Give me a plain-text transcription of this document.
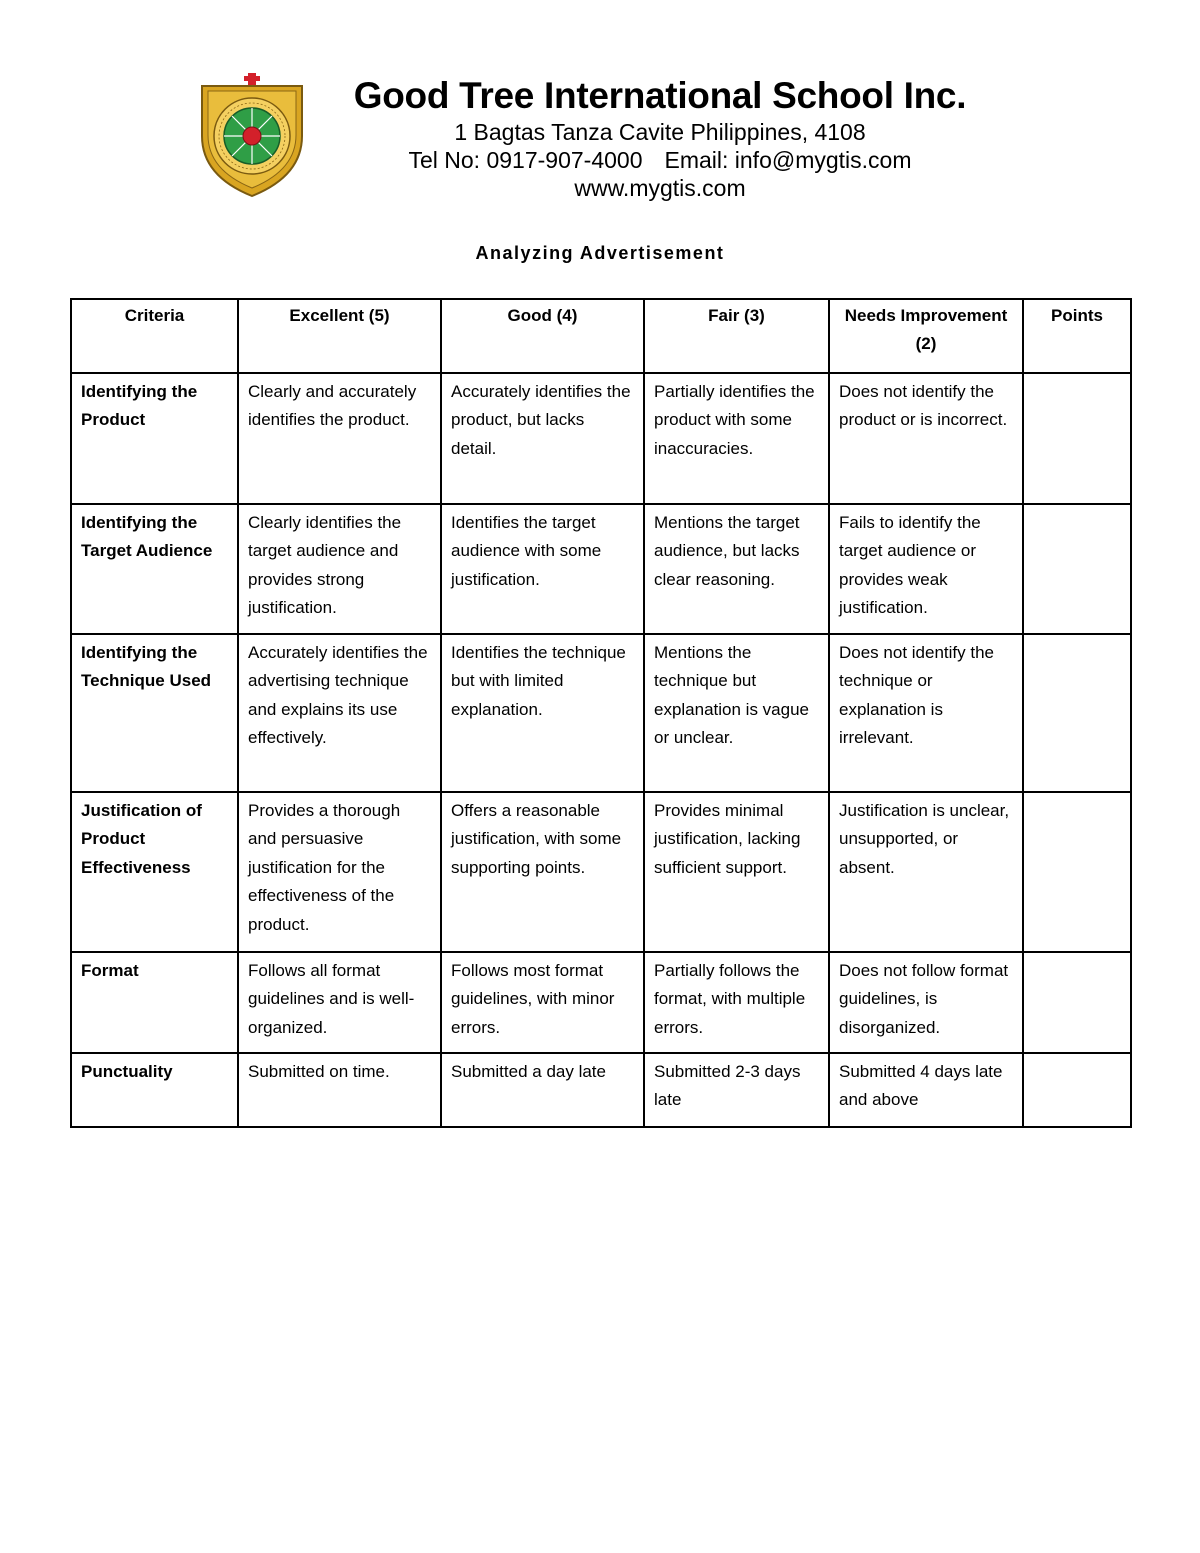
Good Tree International School Inc.
1 Bagtas Tanza Cavite Philippines, 4108
Tel No: 0917-907-4000 Email: info@mygtis.com
www.mygtis.com
Analyzing Advertisement
Criteria	Excellent (5)	Good (4)	Fair (3)	Needs Improvement (2)	Points
Identifying the Product	Clearly and accurately identifies the product.	Accurately identifies the product, but lacks detail.	Partially identifies the product with some inaccuracies.	Does not identify the product or is incorrect.	
Identifying the Target Audience	Clearly identifies the target audience and provides strong justification.	Identifies the target audience with some justification.	Mentions the target audience, but lacks clear reasoning.	Fails to identify the target audience or provides weak justification.	
Identifying the Technique Used	Accurately identifies the advertising technique and explains its use effectively.	Identifies the technique but with limited explanation.	Mentions the technique but explanation is vague or unclear.	Does not identify the technique or explanation is irrelevant.	
Justification of Product Effectiveness	Provides a thorough and persuasive justification for the effectiveness of the product.	Offers a reasonable justification, with some supporting points.	Provides minimal justification, lacking sufficient support.	Justification is unclear, unsupported, or absent.	
Format	Follows all format guidelines and is well-organized.	Follows most format guidelines, with minor errors.	Partially follows the format, with multiple errors.	Does not follow format guidelines, is disorganized.	
Punctuality	Submitted on time.	Submitted a day late	Submitted 2-3 days late	Submitted 4 days late and above	
